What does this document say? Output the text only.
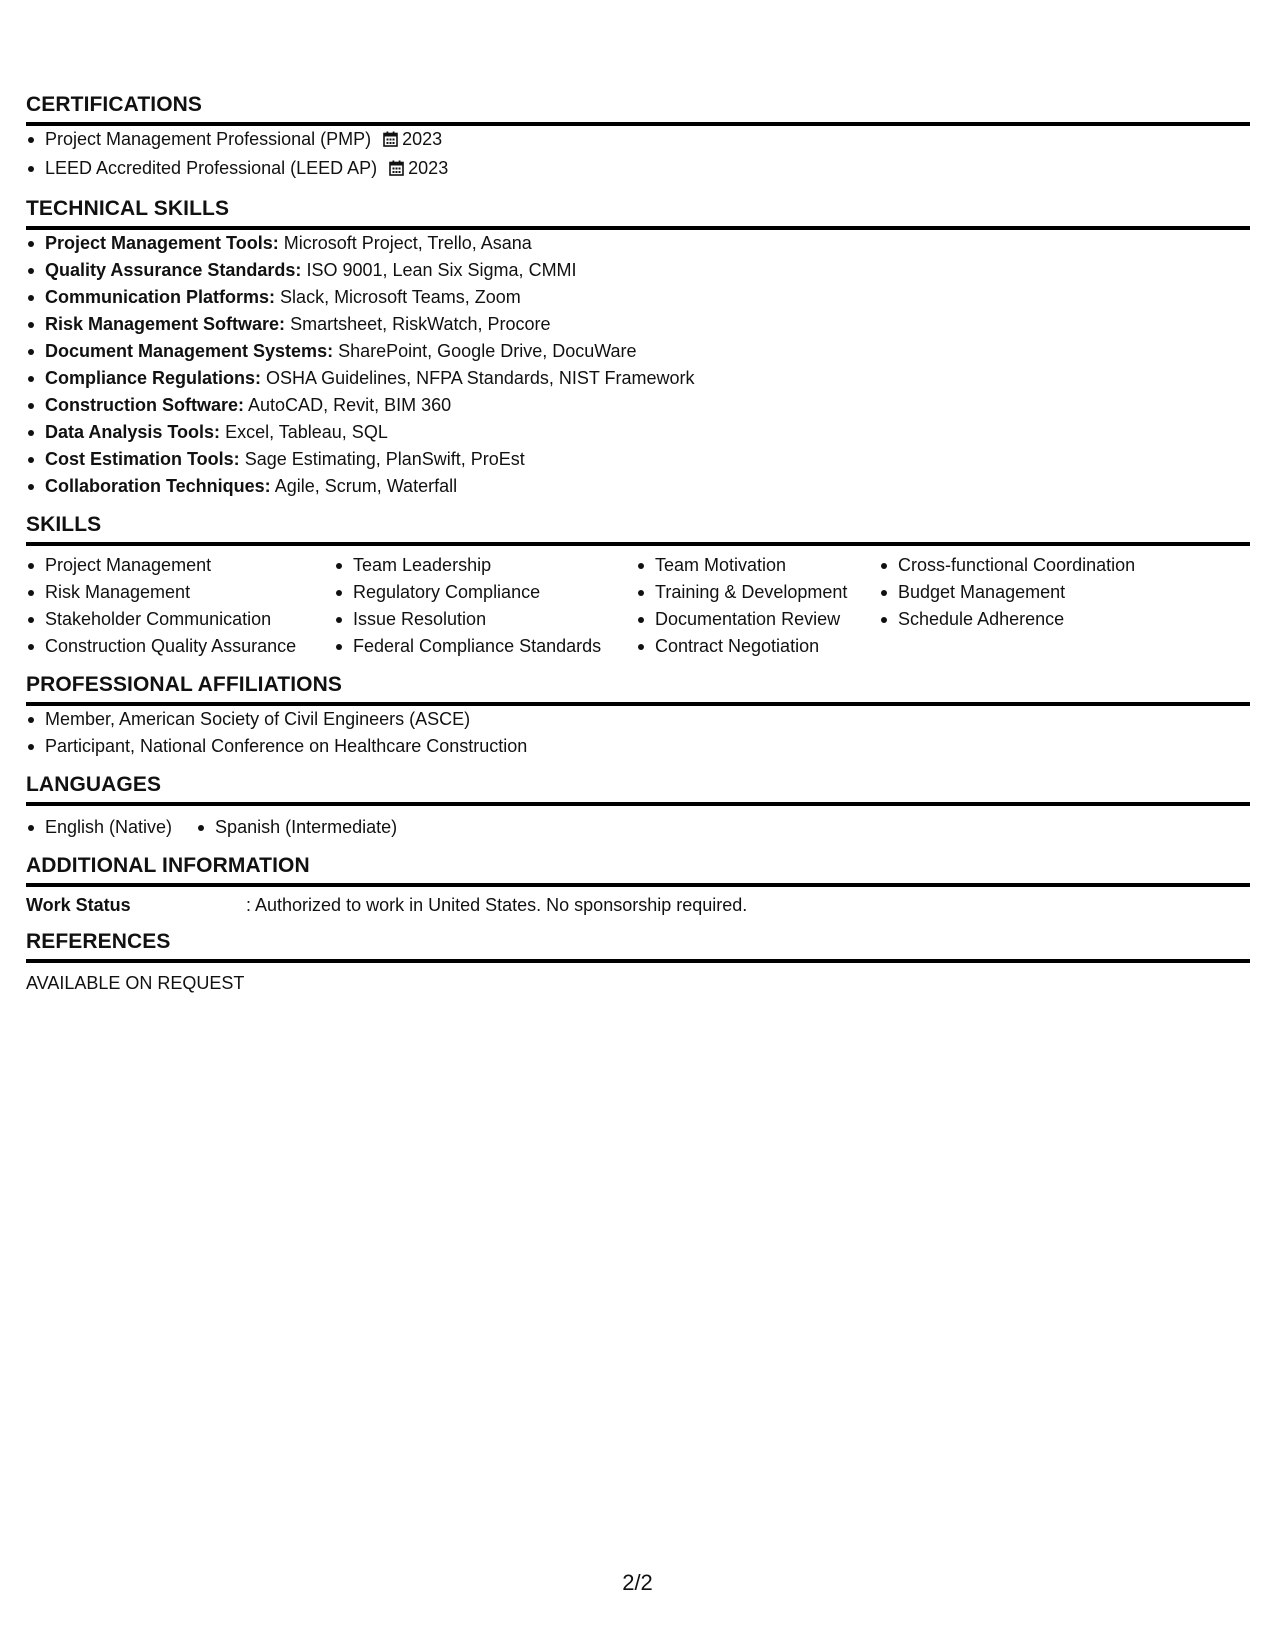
CERTIFICATIONS
Project Management Professional (PMP) 2023
LEED Accredited Professional (LEED AP) 2023
TECHNICAL SKILLS
Project Management Tools: Microsoft Project, Trello, Asana
Quality Assurance Standards: ISO 9001, Lean Six Sigma, CMMI
Communication Platforms: Slack, Microsoft Teams, Zoom
Risk Management Software: Smartsheet, RiskWatch, Procore
Document Management Systems: SharePoint, Google Drive, DocuWare
Compliance Regulations: OSHA Guidelines, NFPA Standards, NIST Framework
Construction Software: AutoCAD, Revit, BIM 360
Data Analysis Tools: Excel, Tableau, SQL
Cost Estimation Tools: Sage Estimating, PlanSwift, ProEst
Collaboration Techniques: Agile, Scrum, Waterfall
SKILLS
Project Management
Risk Management
Stakeholder Communication
Construction Quality Assurance
Team Leadership
Regulatory Compliance
Issue Resolution
Federal Compliance Standards
Team Motivation
Training & Development
Documentation Review
Contract Negotiation
Cross-functional Coordination
Budget Management
Schedule Adherence
PROFESSIONAL AFFILIATIONS
Member, American Society of Civil Engineers (ASCE)
Participant, National Conference on Healthcare Construction
LANGUAGES
English (Native)	Spanish (Intermediate)
ADDITIONAL INFORMATION
Work Status	: Authorized to work in United States. No sponsorship required.
REFERENCES
AVAILABLE ON REQUEST
2/2
